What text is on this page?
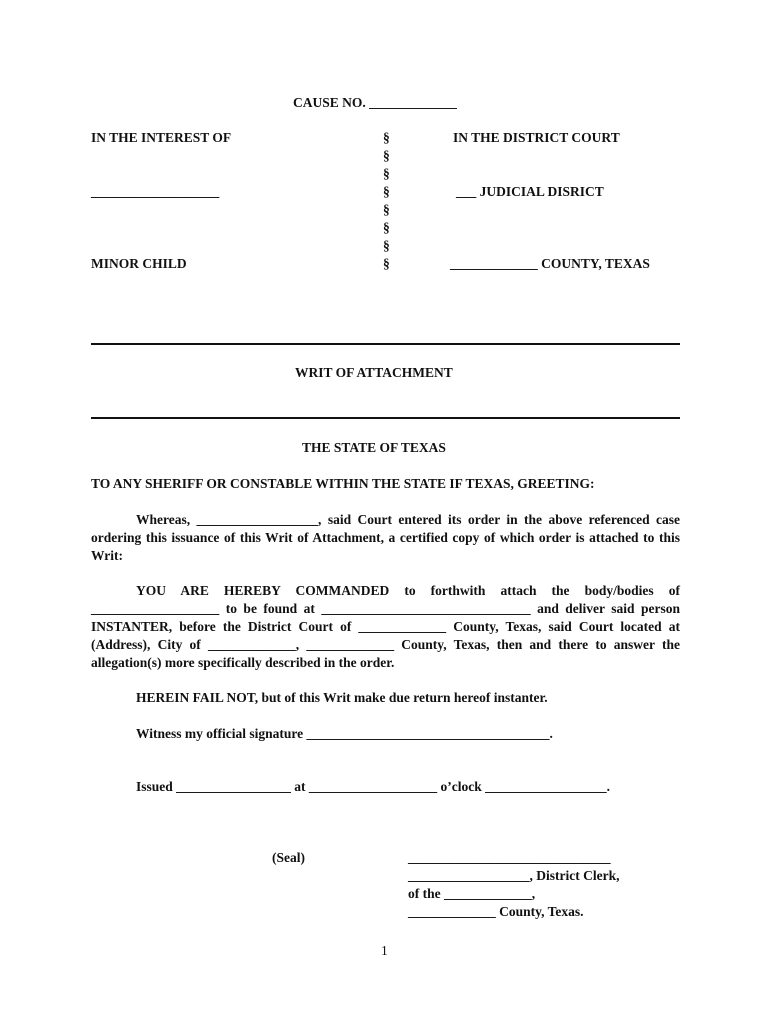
CAUSE NO. _____________
IN THE INTEREST OF
___________________
MINOR CHILD
§
§
§
§
§
§
§
§
IN THE DISTRICT COURT
___ JUDICIAL DISRICT
_____________ COUNTY, TEXAS
WRIT OF ATTACHMENT
THE STATE OF TEXAS
TO ANY SHERIFF OR CONSTABLE WITHIN THE STATE IF TEXAS, GREETING:

Whereas, __________________, said Court entered its order in the above referenced case ordering this issuance of this Writ of Attachment, a certified copy of which order is attached to this Writ:

YOU ARE HEREBY COMMANDED to forthwith attach the body/bodies of ___________________ to be found at _______________________________ and deliver said person INSTANTER, before the District Court of _____________ County, Texas, said Court located at (Address), City of _____________, _____________ County, Texas, then and there to answer the allegation(s) more specifically described in the order.

HEREIN FAIL NOT, but of this Writ make due return hereof instanter.
Witness my official signature ____________________________________.
Issued _________________ at ___________________ o’clock __________________.
(Seal)	______________________________
__________________, District Clerk,
of the _____________,
_____________ County, Texas.
1
